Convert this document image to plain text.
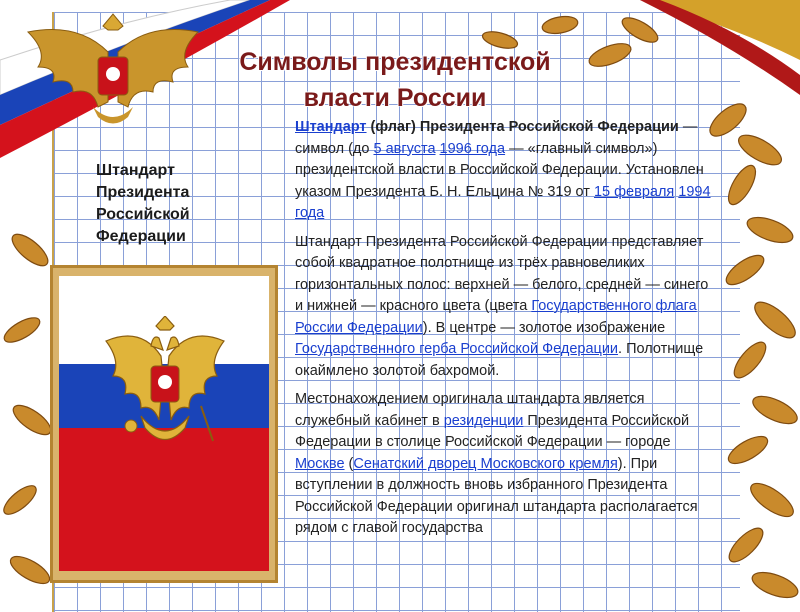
Символы президентской
власти России
Штандарт
Президента
Российской
Федерации

Штандарт (флаг) Президента Российской Федерации — символ (до 5 августа 1996 года — «главный символ») президентской власти в Российской Федерации. Установлен указом Президента Б. Н. Ельцина № 319 от 15 февраля 1994 года

Штандарт Президента Российской Федерации представляет собой квадратное полотнище из трёх равновеликих горизонтальных полос: верхней — белого, средней — синего и нижней — красного цвета (цвета Государственного флага России Федерации). В центре — золотое изображение Государственного герба Российской Федерации. Полотнище окаймлено золотой бахромой.

Местонахождением оригинала штандарта является служебный кабинет в резиденции Президента Российской Федерации в столице Российской Федерации — городе Москве (Сенатский дворец Московского кремля). При вступлении в должность вновь избранного Президента Российской Федерации оригинал штандарта располагается рядом с главой государства
